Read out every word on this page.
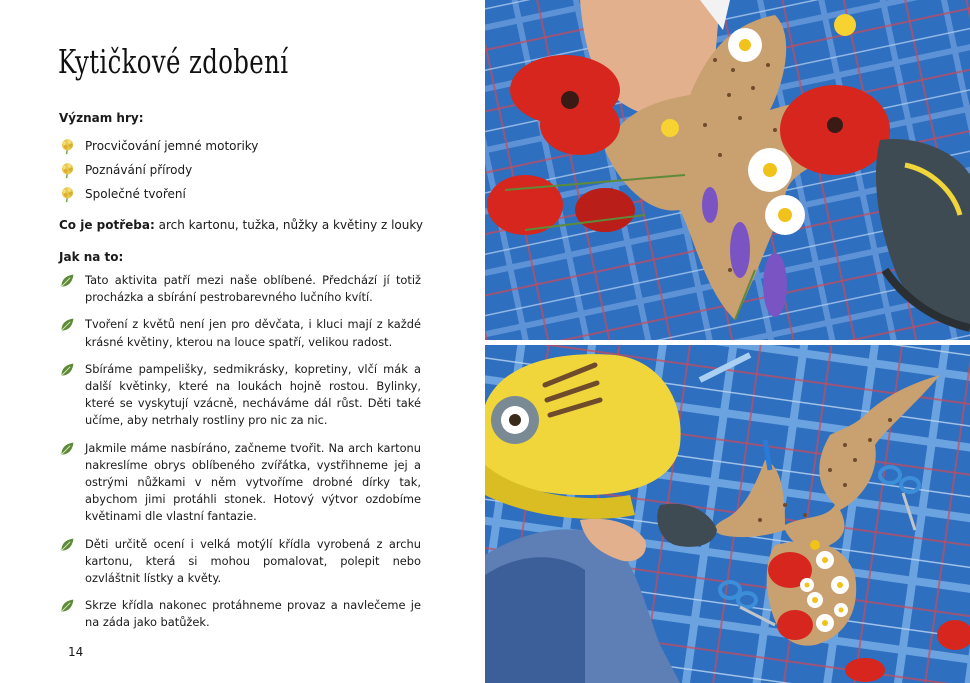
Kytičkové zdobení
Význam hry:
Procvičování jemné motoriky
Poznávání přírody
Společné tvoření
Co je potřeba: arch kartonu, tužka, nůžky a květiny z louky
Jak na to:

Tato aktivita patří mezi naše oblíbené. Předchází jí totiž procházka a sbírání pestrobarevného lučního kvítí.

Tvoření z květů není jen pro děvčata, i kluci mají z každé krásné květiny, kterou na louce spatří, velikou radost.

Sbíráme pampelišky, sedmikrásky, kopretiny, vlčí mák a další květinky, které na loukách hojně rostou. Bylinky, které se vyskytují vzácně, necháváme dál růst. Děti také učíme, aby netrhaly rostliny pro nic za nic.

Jakmile máme nasbíráno, začneme tvořit. Na arch kartonu nakreslíme obrys oblíbeného zvířátka, vystřihneme jej a ostrými nůžkami v něm vytvoříme drobné dírky tak, abychom jimi protáhli stonek. Hotový výtvor ozdobíme květinami dle vlastní fantazie.

Děti určitě ocení i velká motýlí křídla vyrobená z archu kartonu, která si mohou pomalovat, polepit nebo ozvláštnit lístky a květy.

Skrze křídla nakonec protáhneme provaz a navlečeme je na záda jako batůžek.

14
